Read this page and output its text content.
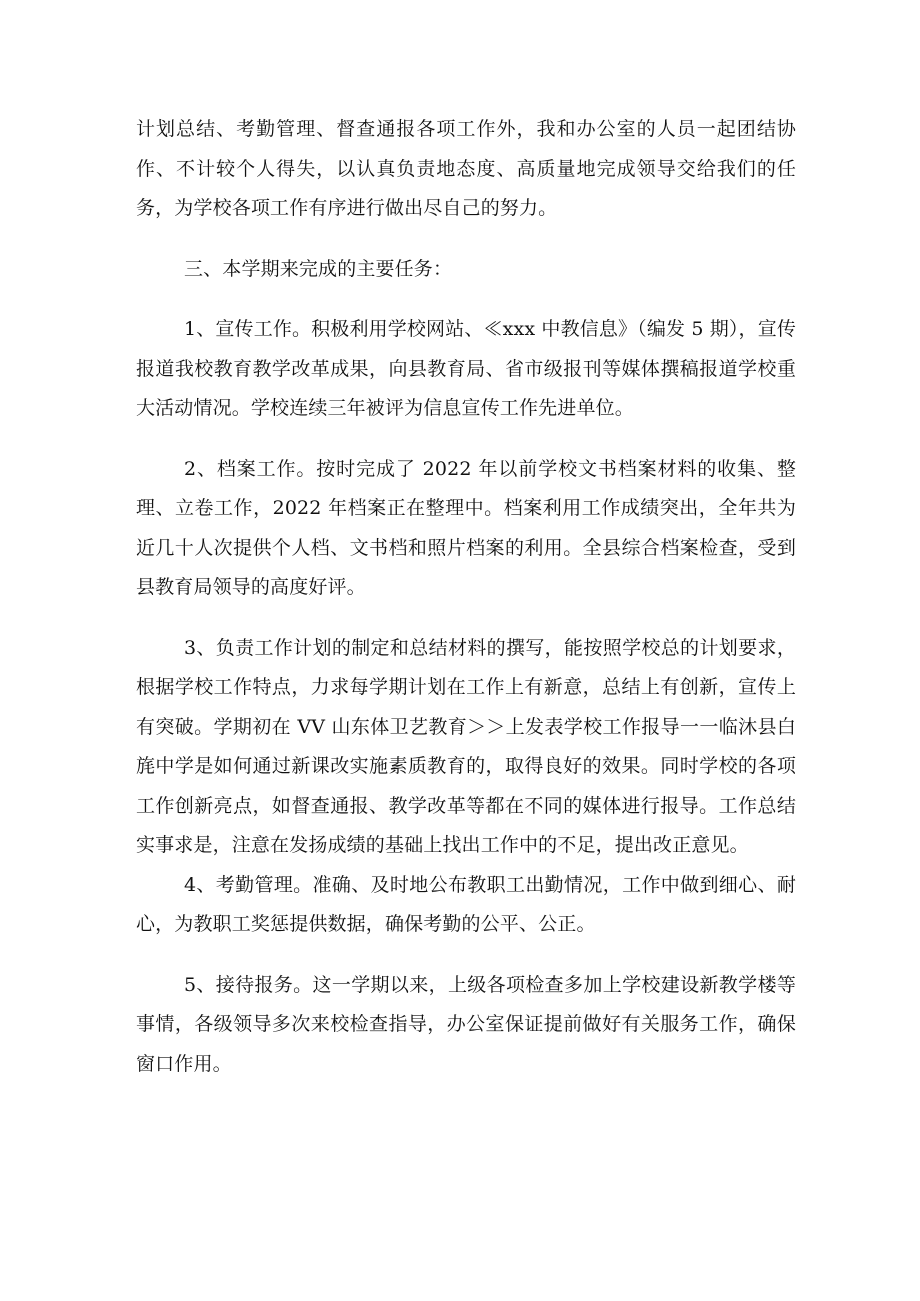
计划总结、考勤管理、督查通报各项工作外，我和办公室的人员一起团结协作、不计较个人得失，以认真负责地态度、高质量地完成领导交给我们的任务，为学校各项工作有序进行做出尽自己的努力。

三、本学期来完成的主要任务：

1、宣传工作。积极利用学校网站、≪xxx 中教信息》（编发 5 期），宣传报道我校教育教学改革成果，向县教育局、省市级报刊等媒体撰稿报道学校重大活动情况。学校连续三年被评为信息宣传工作先进单位。

2、档案工作。按时完成了 2022 年以前学校文书档案材料的收集、整理、立卷工作，2022 年档案正在整理中。档案利用工作成绩突出，全年共为近几十人次提供个人档、文书档和照片档案的利用。全县综合档案检查，受到县教育局领导的高度好评。

3、负责工作计划的制定和总结材料的撰写，能按照学校总的计划要求，根据学校工作特点，力求每学期计划在工作上有新意，总结上有创新，宣传上有突破。学期初在 VV 山东体卫艺教育＞＞上发表学校工作报导一一临沐县白旄中学是如何通过新课改实施素质教育的，取得良好的效果。同时学校的各项工作创新亮点，如督查通报、教学改革等都在不同的媒体进行报导。工作总结实事求是，注意在发扬成绩的基础上找出工作中的不足，提出改正意见。

4、考勤管理。准确、及时地公布教职工出勤情况，工作中做到细心、耐心，为教职工奖惩提供数据，确保考勤的公平、公正。

5、接待报务。这一学期以来，上级各项检查多加上学校建设新教学楼等事情，各级领导多次来校检查指导，办公室保证提前做好有关服务工作，确保窗口作用。
